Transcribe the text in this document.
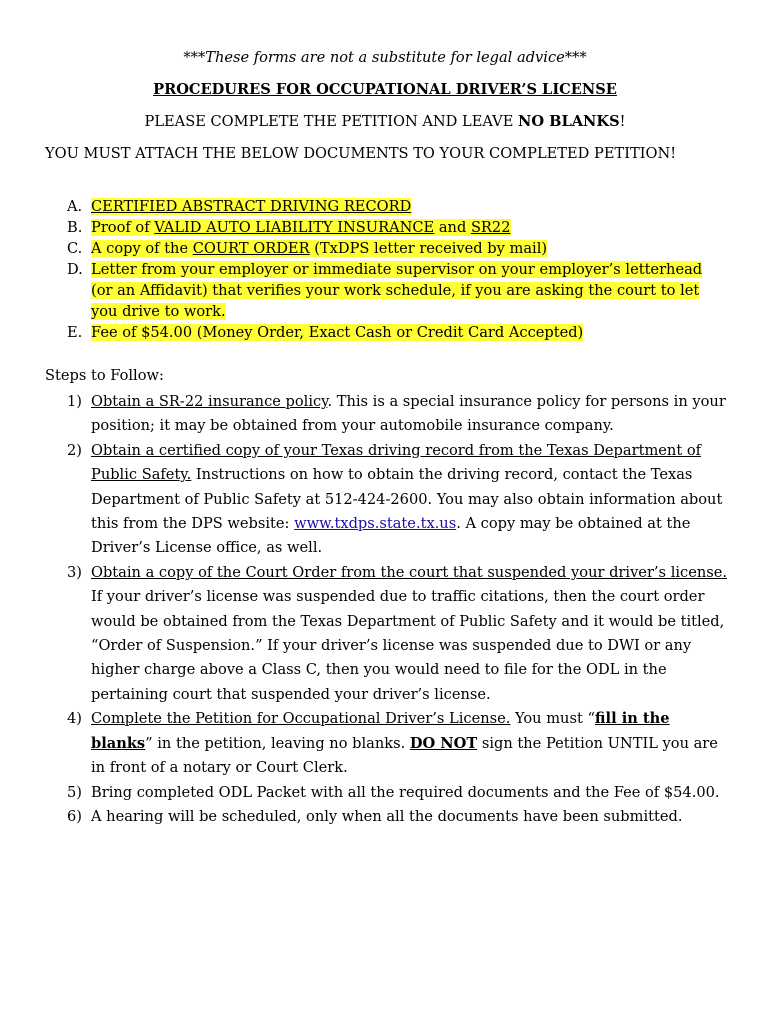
***These forms are not a substitute for legal advice***
PROCEDURES FOR OCCUPATIONAL DRIVER’S LICENSE
PLEASE COMPLETE THE PETITION AND LEAVE NO BLANKS!
YOU MUST ATTACH THE BELOW DOCUMENTS TO YOUR COMPLETED PETITION!
A. CERTIFIED ABSTRACT DRIVING RECORD
B. Proof of VALID AUTO LIABILITY INSURANCE and SR22
C. A copy of the COURT ORDER (TxDPS letter received by mail)
D. Letter from your employer or immediate supervisor on your employer’s letterhead (or an Affidavit) that verifies your work schedule, if you are asking the court to let you drive to work.
E. Fee of $54.00 (Money Order, Exact Cash or Credit Card Accepted)
Steps to Follow:
1) Obtain a SR-22 insurance policy. This is a special insurance policy for persons in your position; it may be obtained from your automobile insurance company.
2) Obtain a certified copy of your Texas driving record from the Texas Department of Public Safety. Instructions on how to obtain the driving record, contact the Texas Department of Public Safety at 512-424-2600. You may also obtain information about this from the DPS website: www.txdps.state.tx.us. A copy may be obtained at the Driver’s License office, as well.
3) Obtain a copy of the Court Order from the court that suspended your driver’s license. If your driver’s license was suspended due to traffic citations, then the court order would be obtained from the Texas Department of Public Safety and it would be titled, “Order of Suspension.” If your driver’s license was suspended due to DWI or any higher charge above a Class C, then you would need to file for the ODL in the pertaining court that suspended your driver’s license.
4) Complete the Petition for Occupational Driver’s License. You must “fill in the blanks” in the petition, leaving no blanks. DO NOT sign the Petition UNTIL you are in front of a notary or Court Clerk.
5) Bring completed ODL Packet with all the required documents and the Fee of $54.00.
6) A hearing will be scheduled, only when all the documents have been submitted.
